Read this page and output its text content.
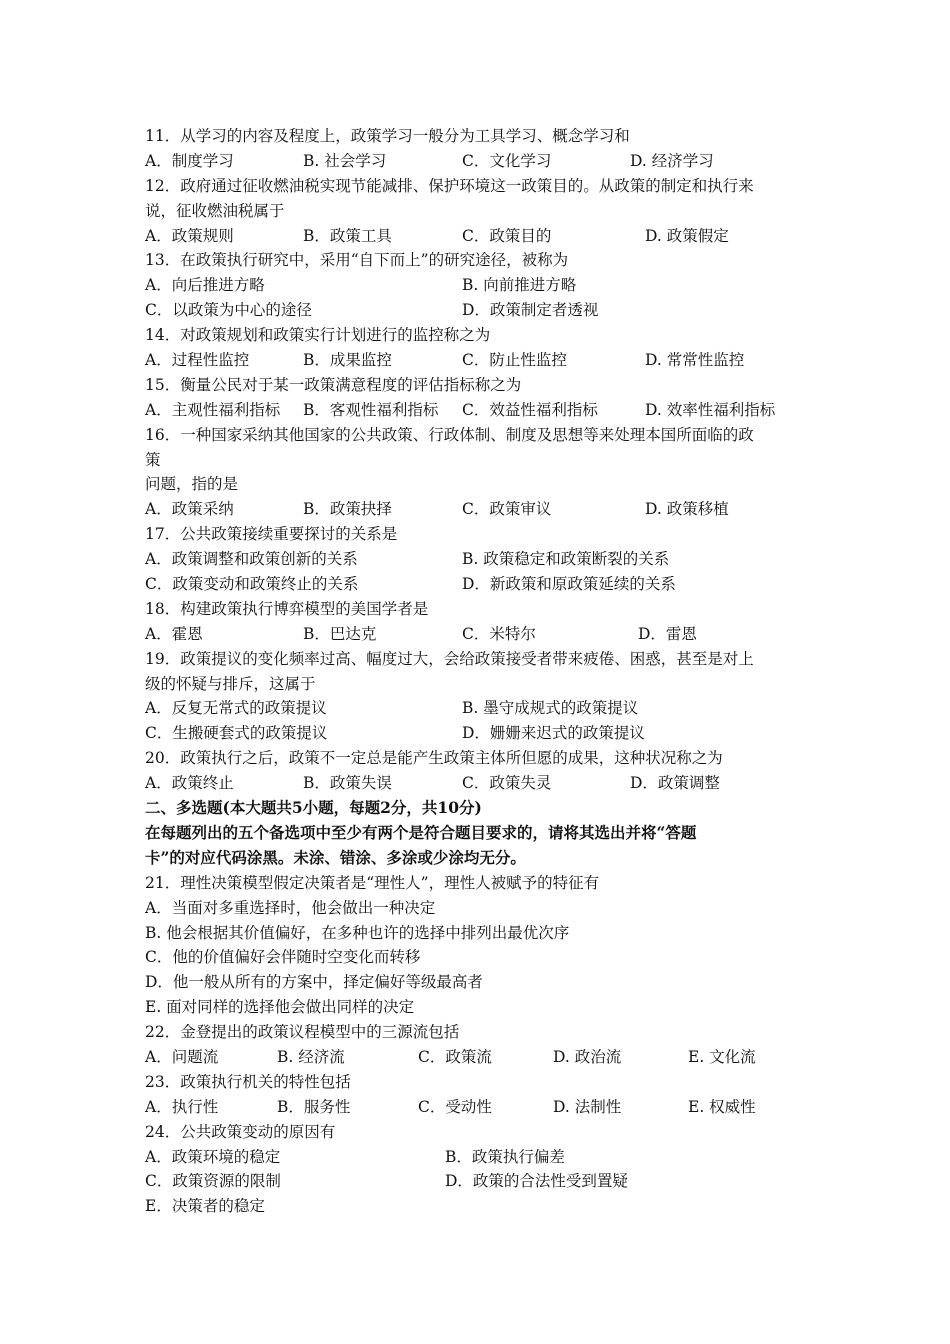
11．从学习的内容及程度上，政策学习一般分为工具学习、概念学习和
A．制度学习	B. 社会学习	C．文化学习	D. 经济学习
12．政府通过征收燃油税实现节能减排、保护环境这一政策目的。从政策的制定和执行来
说，征收燃油税属于
A．政策规则	B．政策工具	C．政策目的	D. 政策假定
13．在政策执行研究中，采用“自下而上”的研究途径，被称为
A．向后推进方略	B. 向前推进方略
C．以政策为中心的途径	D．政策制定者透视
14．对政策规划和政策实行计划进行的监控称之为
A．过程性监控	B．成果监控	C．防止性监控	D. 常常性监控
15．衡量公民对于某一政策满意程度的评估指标称之为
A．主观性福利指标 B．客观性福利指标 C．效益性福利指标	D. 效率性福利指标
16．一种国家采纳其他国家的公共政策、行政体制、制度及思想等来处理本国所面临的政
策
问题，指的是
A．政策采纳	B．政策抉择	C．政策审议	D. 政策移植
17．公共政策接续重要探讨的关系是
A．政策调整和政策创新的关系	B. 政策稳定和政策断裂的关系
C．政策变动和政策终止的关系	D．新政策和原政策延续的关系
18．构建政策执行博弈模型的美国学者是
A．霍恩	B．巴达克	C．米特尔	D．雷恩
19．政策提议的变化频率过高、幅度过大，会给政策接受者带来疲倦、困惑，甚至是对上
级的怀疑与排斥，这属于
A．反复无常式的政策提议	B. 墨守成规式的政策提议
C．生搬硬套式的政策提议	D．姗姗来迟式的政策提议
20．政策执行之后，政策不一定总是能产生政策主体所但愿的成果，这种状况称之为
A．政策终止	B．政策失误	C．政策失灵	D．政策调整
二、多选题(本大题共5小题，每题2分，共10分)
在每题列出的五个备选项中至少有两个是符合题目要求的，请将其选出并将“答题
卡”的对应代码涂黑。未涂、错涂、多涂或少涂均无分。
21．理性决策模型假定决策者是“理性人”，理性人被赋予的特征有
A．当面对多重选择时，他会做出一种决定
B. 他会根据其价值偏好，在多种也许的选择中排列出最优次序
C．他的价值偏好会伴随时空变化而转移
D．他一般从所有的方案中，择定偏好等级最高者
E. 面对同样的选择他会做出同样的决定
22．金登提出的政策议程模型中的三源流包括
A．问题流	B. 经济流	C．政策流	D. 政治流	E. 文化流
23．政策执行机关的特性包括
A．执行性	B．服务性	C．受动性	D. 法制性	E. 权威性
24．公共政策变动的原因有
A．政策环境的稳定	B．政策执行偏差
C．政策资源的限制	D．政策的合法性受到置疑
E．决策者的稳定
